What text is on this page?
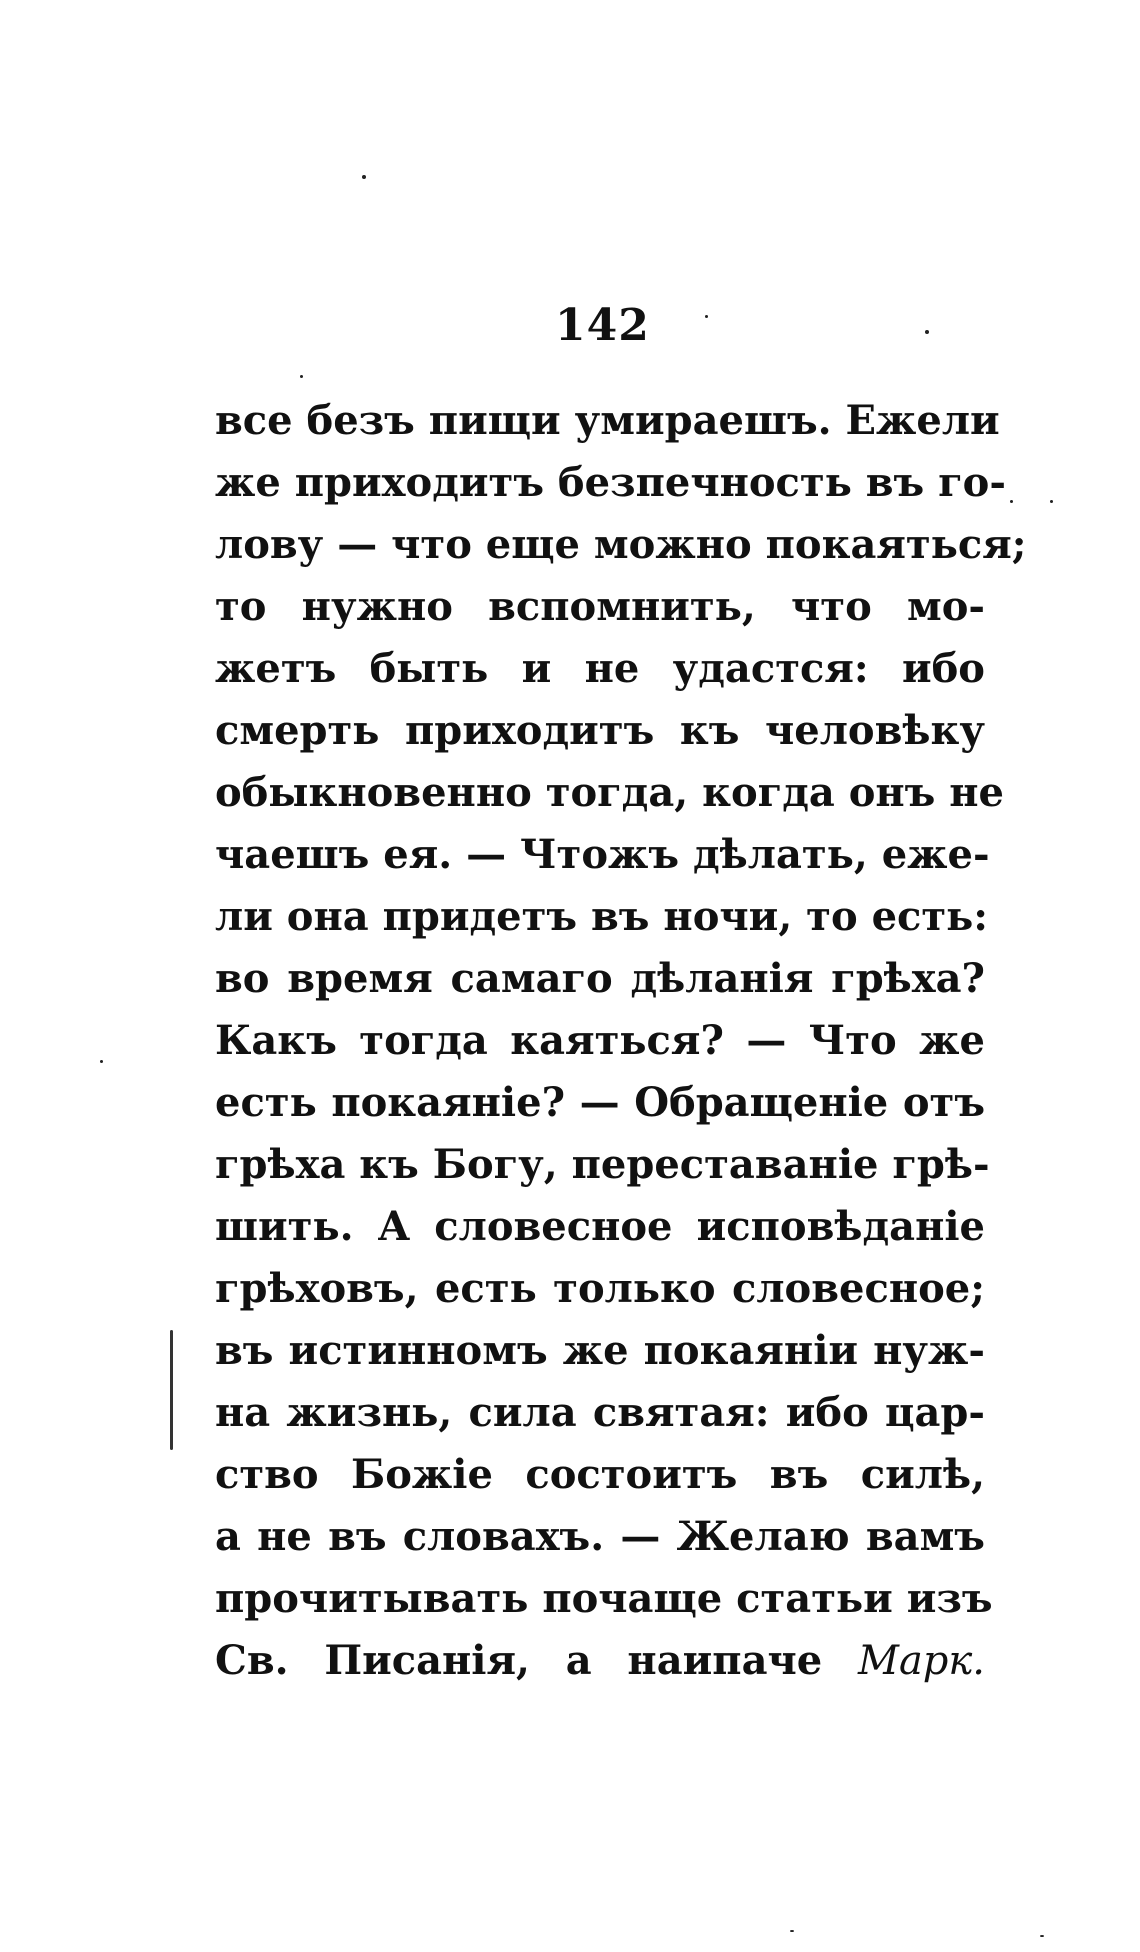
142
все безъ пищи умираешъ. Ежели
же приходитъ безпечность въ го-
лову — что еще можно покаяться;
то нужно вспомнить, что мо-
жетъ быть и не удастся: ибо
смерть приходитъ къ человѣку
обыкновенно тогда, когда онъ не
чаешъ ея. — Чтожъ дѣлать, еже-
ли она придетъ въ ночи, то есть:
во время самаго дѣланія грѣха?
Какъ тогда каяться? — Что же
есть покаяніе? — Обращеніе отъ
грѣха къ Богу, переставаніе грѣ-
шить. А словесное исповѣданіе
грѣховъ, есть только словесное;
въ истинномъ же покаяніи нуж-
на жизнь, сила святая: ибо цар-
ство Божіе состоитъ въ силѣ,
а не въ словахъ. — Желаю вамъ
прочитывать почаще статьи изъ
Св. Писанія, а наипаче Марк.
